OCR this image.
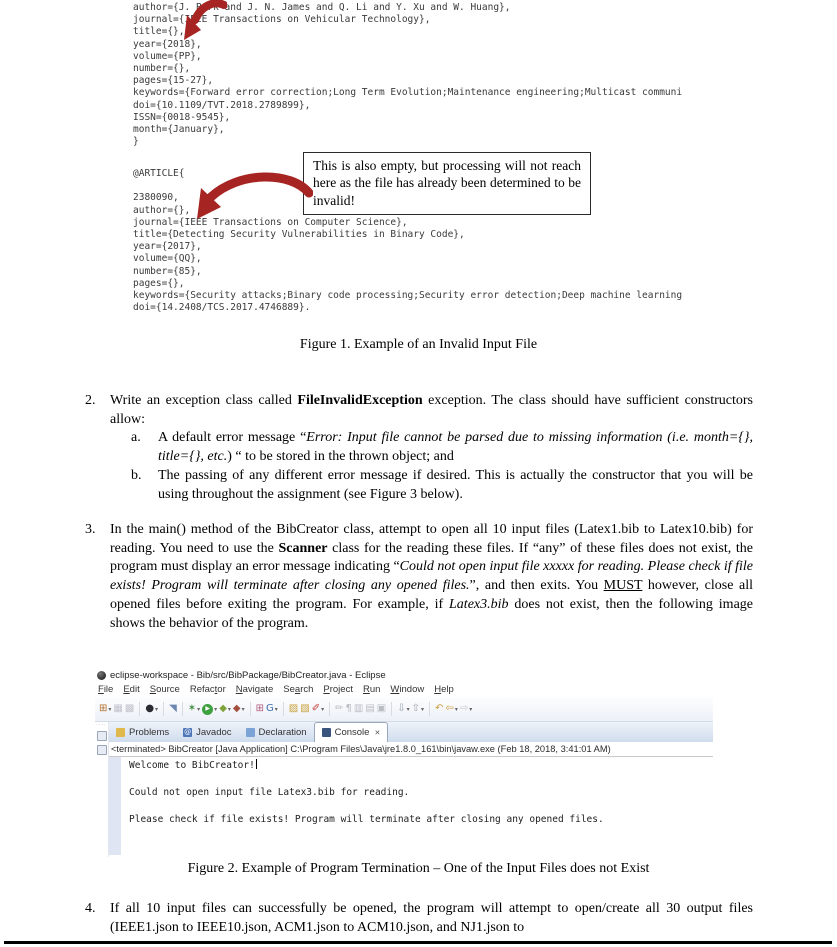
author={J. Park and J. N. James and Q. Li and Y. Xu and W. Huang},
journal={IEEE Transactions on Vehicular Technology},
title={},
year={2018},
volume={PP},
number={},
pages={15-27},
keywords={Forward error correction;Long Term Evolution;Maintenance engineering;Multicast communi
doi={10.1109/TVT.2018.2789899},
ISSN={0018-9545},
month={January},
}
@ARTICLE{

2380090,
author={},
journal={IEEE Transactions on Computer Science},
title={Detecting Security Vulnerabilities in Binary Code},
year={2017},
volume={QQ},
number={85},
pages={},
keywords={Security attacks;Binary code processing;Security error detection;Deep machine learning
doi={14.2408/TCS.2017.4746889}.
This is also empty, but processing will not reach here as the file has already been determined to be invalid!
Figure 1. Example of an Invalid Input File
2. Write an exception class called FileInvalidException exception. The class should have sufficient constructors allow:
a. A default error message “Error: Input file cannot be parsed due to missing information (i.e. month={}, title={}, etc.) “ to be stored in the thrown object; and
b. The passing of any different error message if desired. This is actually the constructor that you will be using throughout the assignment (see Figure 3 below).
3. In the main() method of the BibCreator class, attempt to open all 10 input files (Latex1.bib to Latex10.bib) for reading. You need to use the Scanner class for the reading these files. If “any” of these files does not exist, the program must display an error message indicating “Could not open input file xxxxx for reading. Please check if file exists! Program will terminate after closing any opened files.”, and then exits. You MUST however, close all opened files before exiting the program. For example, if Latex3.bib does not exist, then the following image shows the behavior of the program.
eclipse-workspace - Bib/src/BibPackage/BibCreator.java - Eclipse
File Edit Source Refactor Navigate Search Project Run Window Help
⊞ ▾ ▦ ▩ ● ▾ ◥ ✶ ▾ ▶ ▾ ◆ ▾ ◆ ▾ ⊞ G ▾ ▨ ▧ ✐ ▾ ✏ ¶ ▥ ▤ ▣ ⇩ ▾ ⇧ ▾ ↶ ⇦ ▾ ⇨ ▾
····
Problems @ Javadoc	Declaration	Console ✕
<terminated> BibCreator [Java Application] C:\Program Files\Java\jre1.8.0_161\bin\javaw.exe (Feb 18, 2018, 3:41:01 AM)
Welcome to BibCreator!

Could not open input file Latex3.bib for reading.

Please check if file exists! Program will terminate after closing any opened files.
Figure 2. Example of Program Termination – One of the Input Files does not Exist
4. If all 10 input files can successfully be opened, the program will attempt to open/create all 30 output files (IEEE1.json to IEEE10.json, ACM1.json to ACM10.json, and NJ1.json to
